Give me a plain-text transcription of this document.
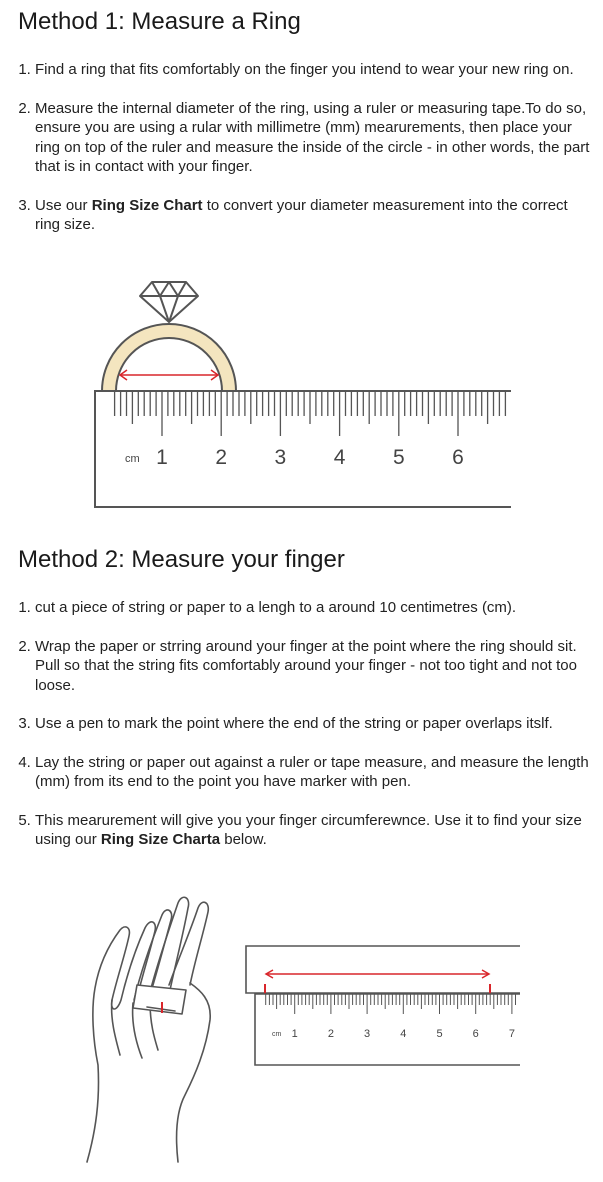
Method 1: Measure a Ring
1. Find a ring that fits comfortably on the finger you intend to wear your new ring on.
2. Measure the internal diameter of the ring, using a ruler or measuring tape.To do so, ensure you are using a rular with millimetre (mm) mearurements, then place your ring on top of the ruler and measure the inside of the circle - in other words, the part that is in contact with your finger.
3. Use our Ring Size Chart to convert your diameter measurement into the correct ring size.
cm 1 2 3 4 5 6
Method 2: Measure your finger
1. cut a piece of string or paper to a lengh to a around 10 centimetres (cm).
2. Wrap the paper or strring around your finger at the point where the ring should sit. Pull so that the string fits comfortably around your finger - not too tight and not too loose.
3. Use a pen to mark the point where the end of the string or paper overlaps itslf.
4. Lay the string or paper out against a ruler or tape measure, and measure the length (mm) from its end to the point you have marker with pen.
5. This mearurement will give you your finger circumferewnce. Use it to find your size using our Ring Size Charta below.
cm 1	2	3	4	5	6	7
